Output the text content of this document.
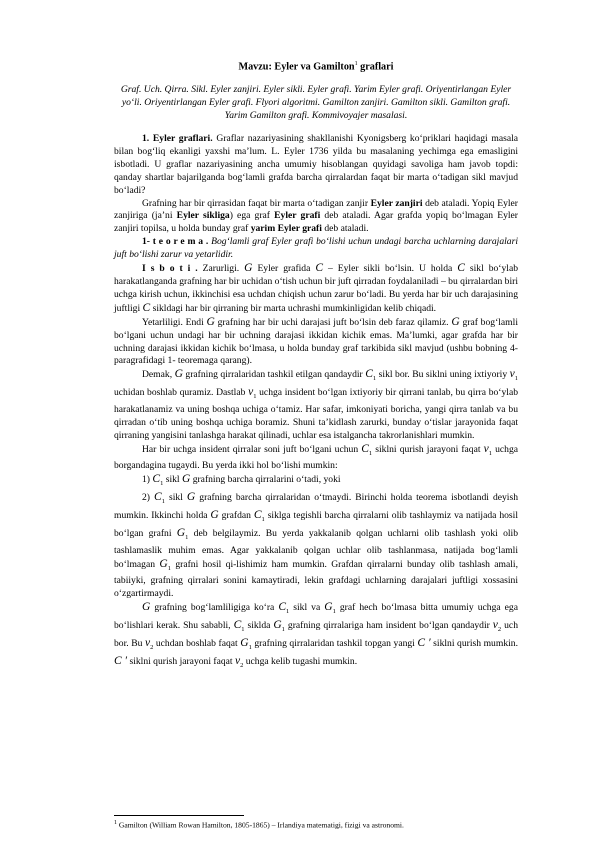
Mavzu: Eyler va Gamilton$^1$ graflari
Graf. Uch. Qirra. Sikl. Eyler zanjiri. Eyler sikli. Eyler grafi. Yarim Eyler grafi. Oriyentirlangan Eyler yo‘li. Oriyentirlangan Eyler grafi. Flyori algoritmi. Gamilton zanjiri. Gamilton sikli. Gamilton grafi. Yarim Gamilton grafi. Kommivoyajer masalasi.

1. Eyler graflari. Graflar nazariyasining shakllanishi Kyonigsberg ko‘priklari haqidagi masala bilan bog‘liq ekanligi yaxshi ma’lum. L. Eyler 1736 yilda bu masalaning yechimga ega emasligini isbotladi. U graflar nazariyasining ancha umumiy hisoblangan quyidagi savoliga ham javob topdi: qanday shartlar bajarilganda bog‘lamli grafda barcha qirralardan faqat bir marta o‘tadigan sikl mavjud bo‘ladi?

Grafning har bir qirrasidan faqat bir marta o‘tadigan zanjir Eyler zanjiri deb ataladi. Yopiq Eyler zanjiriga (ja’ni Eyler sikliga) ega graf Eyler grafi deb ataladi. Agar grafda yopiq bo‘lmagan Eyler zanjiri topilsa, u holda bunday graf yarim Eyler grafi deb ataladi.

1- t e o r e m a . Bog‘lamli graf Eyler grafi bo‘lishi uchun undagi barcha uchlarning darajalari juft bo‘lishi zarur va yetarlidir.

I s b o t i . Zarurligi. G Eyler grafida C – Eyler sikli bo‘lsin. U holda C sikl bo‘ylab harakatlanganda grafning har bir uchidan o‘tish uchun bir juft qirradan foydalaniladi – bu qirralardan biri uchga kirish uchun, ikkinchisi esa uchdan chiqish uchun zarur bo‘ladi. Bu yerda har bir uch darajasining juftligi C sikldagi har bir qirraning bir marta uchrashi mumkinligidan kelib chiqadi.

Yetarliligi. Endi G grafning har bir uchi darajasi juft bo‘lsin deb faraz qilamiz. G graf bog‘lamli bo‘lgani uchun undagi har bir uchning darajasi ikkidan kichik emas. Ma’lumki, agar grafda har bir uchning darajasi ikkidan kichik bo‘lmasa, u holda bunday graf tarkibida sikl mavjud (ushbu bobning 4- paragrafidagi 1- teoremaga qarang).

Demak, G grafning qirralaridan tashkil etilgan qandaydir $C_1$ sikl bor. Bu siklni uning ixtiyoriy $v_1$ uchidan boshlab quramiz. Dastlab $v_1$ uchga insident bo‘lgan ixtiyoriy bir qirrani tanlab, bu qirra bo‘ylab harakatlanamiz va uning boshqa uchiga o‘tamiz. Har safar, imkoniyati boricha, yangi qirra tanlab va bu qirradan o‘tib uning boshqa uchiga boramiz. Shuni ta’kidlash zarurki, bunday o‘tislar jarayonida faqat qirraning yangisini tanlashga harakat qilinadi, uchlar esa istalgancha takrorlanishlari mumkin.

Har bir uchga insident qirralar soni juft bo‘lgani uchun $C_1$ siklni qurish jarayoni faqat $v_1$ uchga borgandagina tugaydi. Bu yerda ikki hol bo‘lishi mumkin:

1) $C_1$ sikl G grafning barcha qirralarini o‘tadi, yoki

2) $C_1$ sikl G grafning barcha qirralaridan o‘tmaydi. Birinchi holda teorema isbotlandi deyish mumkin. Ikkinchi holda G grafdan $C_1$ siklga tegishli barcha qirralarni olib tashlaymiz va natijada hosil bo‘lgan grafni $G_1$ deb belgilaymiz. Bu yerda yakkalanib qolgan uchlarni olib tashlash yoki olib tashlamaslik muhim emas. Agar yakkalanib qolgan uchlar olib tashlanmasa, natijada bog‘lamli bo‘lmagan $G_1$ grafni hosil qi-lishimiz ham mumkin. Grafdan qirralarni bunday olib tashlash amali, tabiiyki, grafning qirralari sonini kamaytiradi, lekin grafdagi uchlarning darajalari juftligi xossasini o‘zgartirmaydi.

G grafning bog‘lamliligiga ko‘ra $C_1$ sikl va $G_1$ graf hech bo‘lmasa bitta umumiy uchga ega bo‘lishlari kerak. Shu sababli, $C_1$ siklda $G_1$ grafning qirralariga ham insident bo‘lgan qandaydir $v_2$ uch bor. Bu $v_2$ uchdan boshlab faqat $G_1$ grafning qirralaridan tashkil topgan yangi C ′ siklni qurish mumkin. C ′ siklni qurish jarayoni faqat $v_2$ uchga kelib tugashi mumkin.

$^1$ Gamilton (William Rowan Hamilton, 1805-1865) – Irlandiya matematigi, fizigi va astronomi.
